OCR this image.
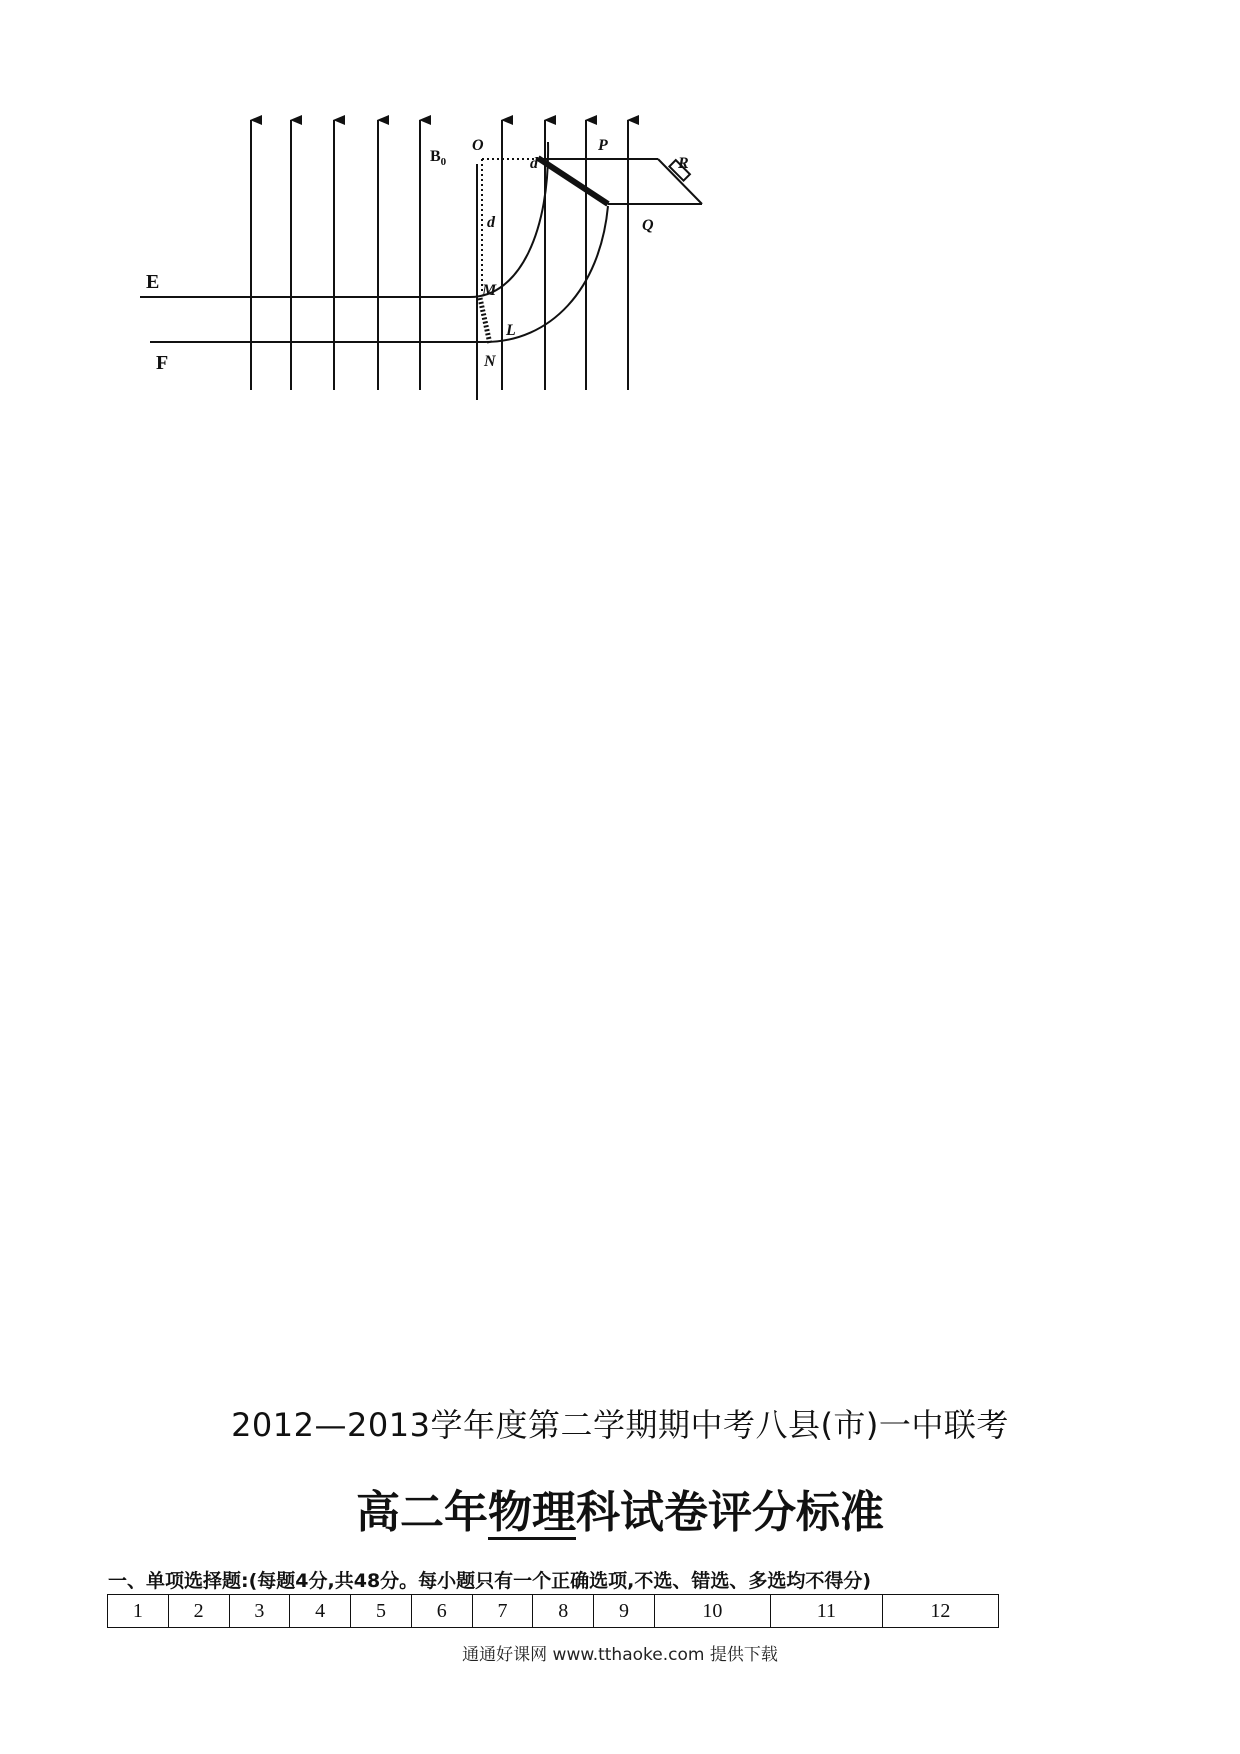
E
F
$B_0$
O	P
Q
R
M
L
N
d
d
2012—2013学年度第二学期期中考八县(市)一中联考
高二年物理科试卷评分标准
一、单项选择题:(每题4分,共48分。每小题只有一个正确选项,不选、错选、多选均不得分)
1	2	3	4	5	6	7	8	9	10	11	12
通通好课网 www.tthaoke.com 提供下载
